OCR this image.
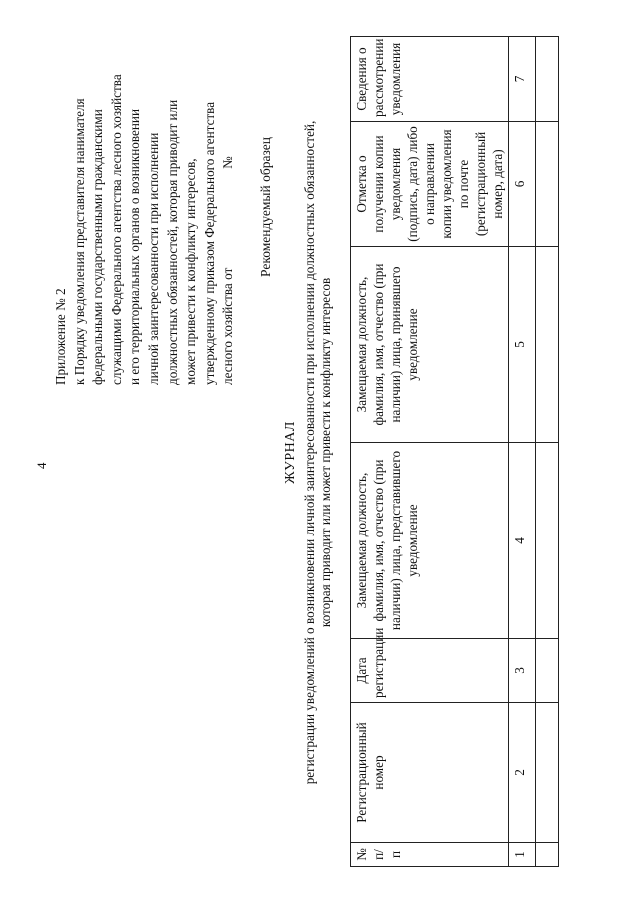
4
Приложение № 2 к Порядку уведомления представителя нанимателя федеральными государственными гражданскими служащими Федерального агентства лесного хозяйства и его территориальных органов о возникновении личной заинтересованности при исполнении должностных обязанностей, которая приводит или может привести к конфликту интересов, утвержденному приказом Федерального агентства лесного хозяйства от                              № Рекомендуемый образец
ЖУРНАЛ регистрации уведомлений о возникновении личной заинтересованности при исполнении должностных обязанностей, которая приводит или может привести к конфликту интересов
№ п/п	Регистрационный номер	Дата регистрации	Замещаемая должность, фамилия, имя, отчество (при наличии) лица, представившего уведомление	Замещаемая должность, фамилия, имя, отчество (при наличии) лица, принявшего уведомление	Отметка о получении копии уведомления (подпись, дата) либо о направлении копии уведомления по почте (регистрационный номер, дата)	Сведения о рассмотрении уведомления
1	2	3	4	5	6	7
